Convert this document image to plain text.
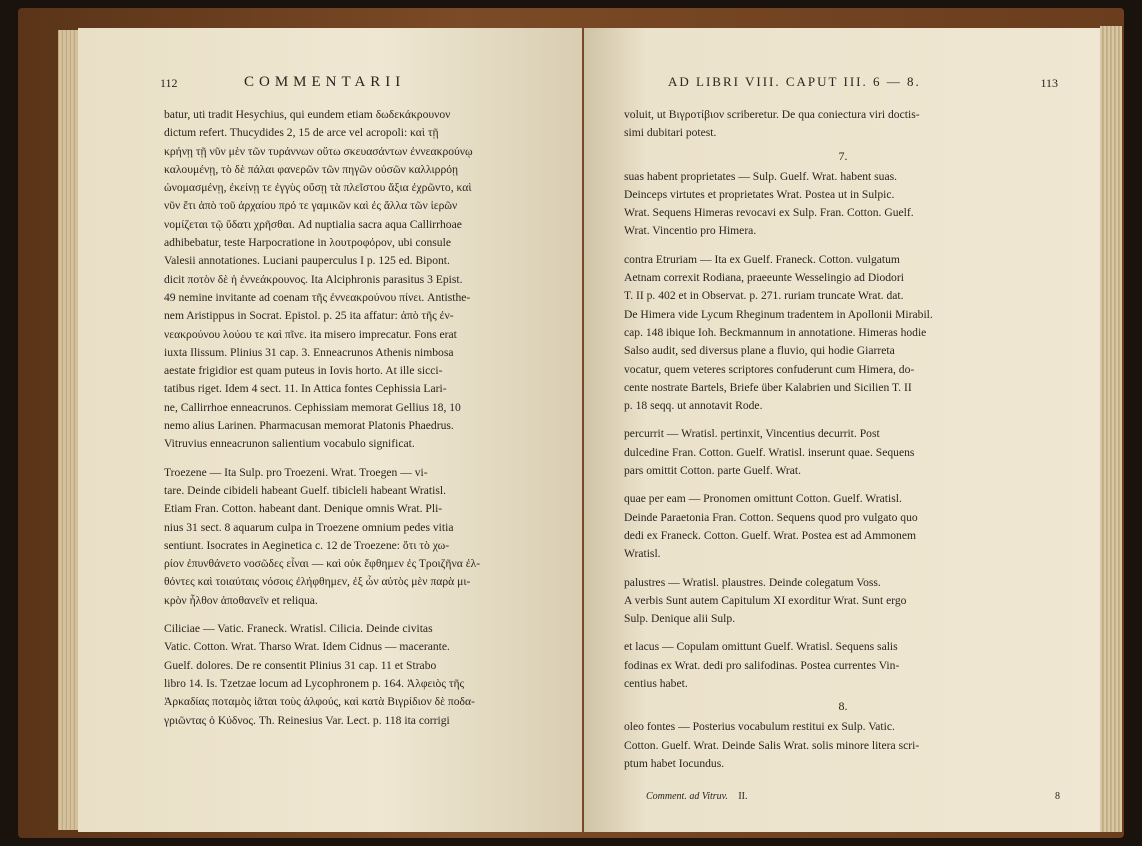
112	COMMENTARII

batur, uti tradit Hesychius, qui eundem etiam δωδεκάκρουνον

dictum refert. Thucydides 2, 15 de arce vel acropoli: καὶ τῇ

κρήνῃ τῇ νῦν μὲν τῶν τυράννων οὕτω σκευασάντων ἐννεακρούνῳ

καλουμένῃ, τὸ δὲ πάλαι φανερῶν τῶν πηγῶν οὐσῶν καλλιρρόῃ

ὠνομασμένῃ, ἐκείνῃ τε ἐγγὺς οὔσῃ τὰ πλεῖστου ἄξια ἐχρῶντο, καὶ

νῦν ἔτι ἀπὸ τοῦ ἀρχαίου πρό τε γαμικῶν καὶ ἐς ἄλλα τῶν ἱερῶν

νομίζεται τῷ ὕδατι χρῆσθαι. Ad nuptialia sacra aqua Callirrhoae

adhibebatur, teste Harpocratione in λουτροφόρον, ubi consule

Valesii annotationes. Luciani pauperculus I p. 125 ed. Bipont.

dicit ποτὸν δὲ ἡ ἐννεάκρουνος. Ita Alciphronis parasitus 3 Epist.

49 nemine invitante ad coenam τῆς ἐννεακρούνου πίνει. Antisthe-

nem Aristippus in Socrat. Epistol. p. 25 ita affatur: ἀπὸ τῆς ἐν-

νεακρούνου λούου τε καὶ πῖνε. ita misero imprecatur. Fons erat

iuxta Ilissum. Plinius 31 cap. 3. Enneacrunos Athenis nimbosa

aestate frigidior est quam puteus in Iovis horto. At ille sicci-

tatibus riget. Idem 4 sect. 11. In Attica fontes Cephissia Lari-

ne, Callirrhoe enneacrunos. Cephissiam memorat Gellius 18, 10

nemo alius Larinen. Pharmacusan memorat Platonis Phaedrus.

Vitruvius enneacrunon salientium vocabulo significat.

Troezene — Ita Sulp. pro Troezeni. Wrat. Troegen — vi-

tare. Deinde cibideli habeant Guelf. tibicleli habeant Wratisl.

Etiam Fran. Cotton. habeant dant. Denique omnis Wrat. Pli-

nius 31 sect. 8 aquarum culpa in Troezene omnium pedes vitia

sentiunt. Isocrates in Aeginetica c. 12 de Troezene: ὅτι τὸ χω-

ρίον ἐπυνθάνετο νοσῶδες εἶναι — καὶ οὐκ ἔφθημεν ἐς Τροιζῆνα ἐλ-

θόντες καὶ τοιαύταις νόσοις ἐλήφθημεν, ἐξ ὧν αὐτὸς μὲν παρὰ μι-

κρὸν ἦλθον ἀποθανεῖν et reliqua.

Ciliciae — Vatic. Franeck. Wratisl. Cilicia. Deinde civitas

Vatic. Cotton. Wrat. Tharso Wrat. Idem Cidnus — macerante.

Guelf. dolores. De re consentit Plinius 31 cap. 11 et Strabo

libro 14. Is. Tzetzae locum ad Lycophronem p. 164. Ἀλφειὸς τῆς

Ἀρκαδίας ποταμὸς ἰᾶται τοὺς ἀλφούς, καὶ κατὰ Βιγρίδιον δὲ ποδα-

γριῶντας ὁ Κύδνος. Th. Reinesius Var. Lect. p. 118 ita corrigi

AD LIBRI VIII. CAPUT III. 6 — 8.	113

voluit, ut Βιγροτίβιον scriberetur. De qua coniectura viri doctis-

simi dubitari potest.

7.

suas habent proprietates — Sulp. Guelf. Wrat. habent suas.

Deinceps virtutes et proprietates Wrat. Postea ut in Sulpic.

Wrat. Sequens Himeras revocavi ex Sulp. Fran. Cotton. Guelf.

Wrat. Vincentio pro Himera.

contra Etruriam — Ita ex Guelf. Franeck. Cotton. vulgatum

Aetnam correxit Rodiana, praeeunte Wesselingio ad Diodori

T. II p. 402 et in Observat. p. 271. ruriam truncate Wrat. dat.

De Himera vide Lycum Rheginum tradentem in Apollonii Mirabil.

cap. 148 ibique Ioh. Beckmannum in annotatione. Himeras hodie

Salso audit, sed diversus plane a fluvio, qui hodie Giarreta

vocatur, quem veteres scriptores confuderunt cum Himera, do-

cente nostrate Bartels, Briefe über Kalabrien und Sicilien T. II

p. 18 seqq. ut annotavit Rode.

percurrit — Wratisl. pertinxit, Vincentius decurrit. Post

dulcedine Fran. Cotton. Guelf. Wratisl. inserunt quae. Sequens

pars omittit Cotton. parte Guelf. Wrat.

quae per eam — Pronomen omittunt Cotton. Guelf. Wratisl.

Deinde Paraetonia Fran. Cotton. Sequens quod pro vulgato quo

dedi ex Franeck. Cotton. Guelf. Wrat. Postea est ad Ammonem

Wratisl.

palustres — Wratisl. plaustres. Deinde colegatum Voss.

A verbis Sunt autem Capitulum XI exorditur Wrat. Sunt ergo

Sulp. Denique alii Sulp.

et lacus — Copulam omittunt Guelf. Wratisl. Sequens salis

fodinas ex Wrat. dedi pro salifodinas. Postea currentes Vin-

centius habet.

8.

oleo fontes — Posterius vocabulum restitui ex Sulp. Vatic.

Cotton. Guelf. Wrat. Deinde Salis Wrat. solis minore litera scri-

ptum habet Iocundus.

Comment. ad Vitruv. II.	8
